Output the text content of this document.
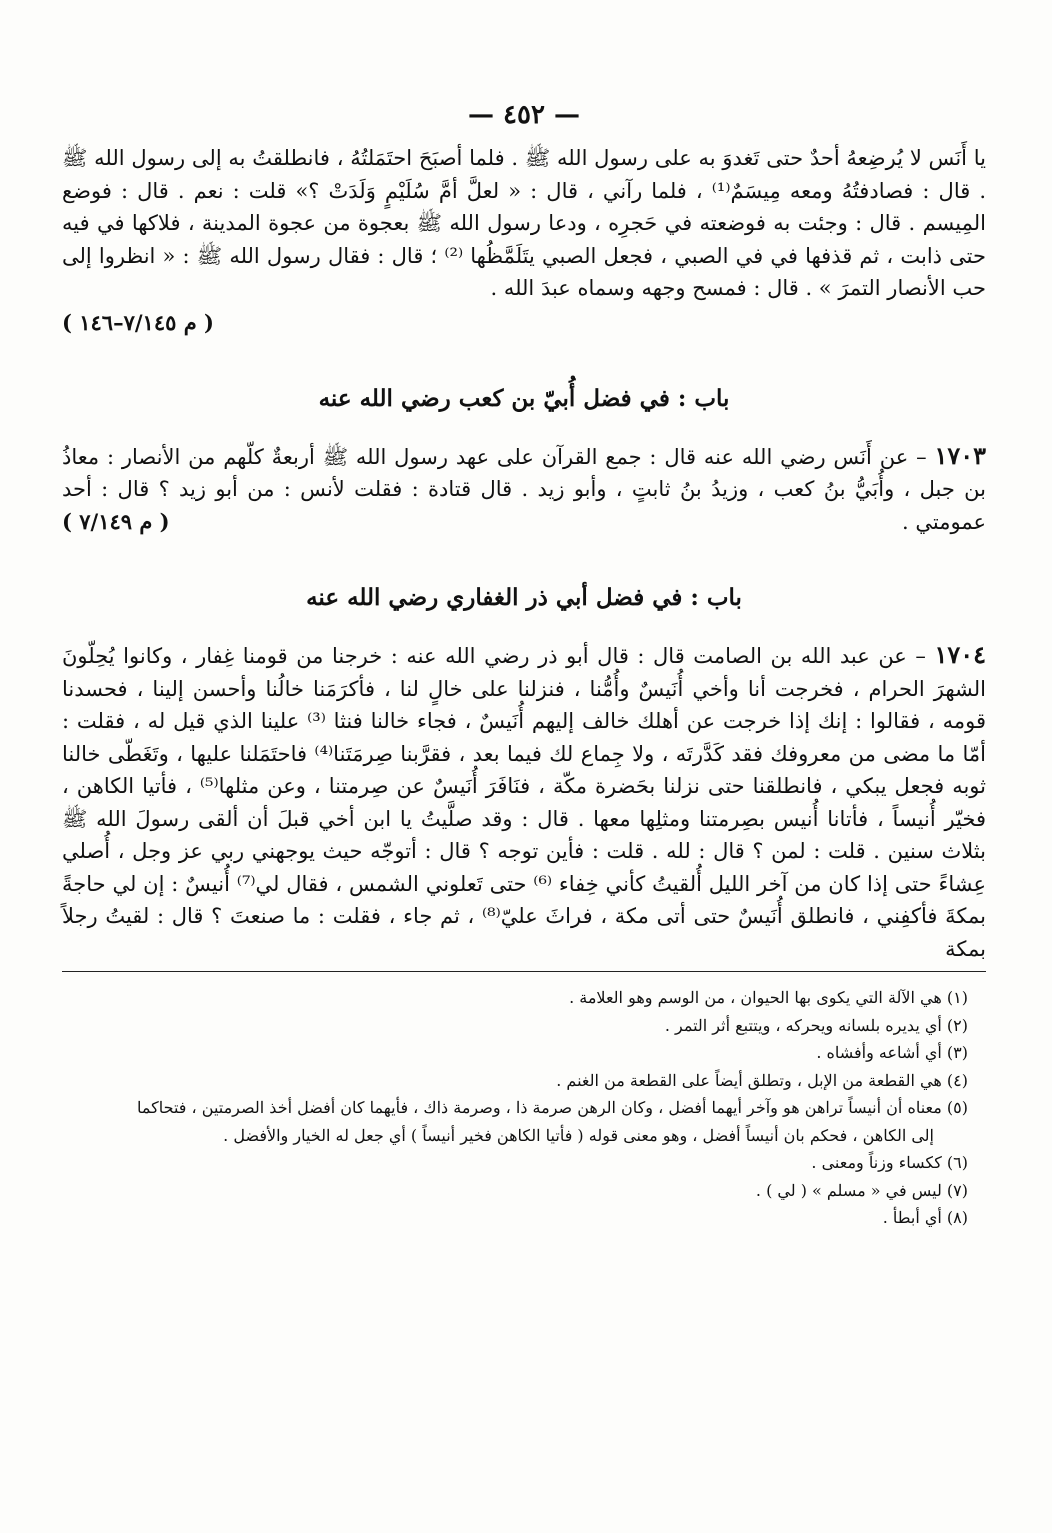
— ٤٥٢ —
يا أَنَس لا يُرضِعهُ أحدٌ حتى تَغدوَ به على رسول الله ﷺ . فلما أصبَحَ احتَمَلتُهُ ، فانطلقتُ به إلى رسول الله ﷺ . قال : فصادفتُهُ ومعه مِيسَمٌ⁽¹⁾ ، فلما رآني ، قال : « لعلَّ أمَّ سُلَيْمٍ وَلَدَتْ ؟» قلت : نعم . قال : فوضع المِيسم . قال : وجئت به فوضعته في حَجرِه ، ودعا رسول الله ﷺ بعجوة من عجوة المدينة ، فلاكها في فيه حتى ذابت ، ثم قذفها في في الصبي ، فجعل الصبي يتَلَمَّظُها ⁽²⁾ ؛ قال : فقال رسول الله ﷺ : « انظروا إلى حب الأنصار التمرَ » . قال : فمسح وجهه وسماه عبدَ الله .
( م ٧/١٤٥–١٤٦ )
باب : في فضل أُبيّ بن كعب رضي الله عنه
١٧٠٣ – عن أَنَس رضي الله عنه قال : جمع القرآن على عهد رسول الله ﷺ أربعةٌ كلّهم من الأنصار : معاذُ بن جبل ، وأُبَيُّ بنُ كعب ، وزيدُ بنُ ثابتٍ ، وأبو زيد . قال قتادة : فقلت لأنس : من أبو زيد ؟ قال : أحد عمومتي .
( م ٧/١٤٩ )
باب : في فضل أبي ذر الغفاري رضي الله عنه
١٧٠٤ – عن عبد الله بن الصامت قال : قال أبو ذر رضي الله عنه : خرجنا من قومنا غِفار ، وكانوا يُحِلّونَ الشهرَ الحرام ، فخرجت أنا وأخي أُنَيسٌ وأُمُّنا ، فنزلنا على خالٍ لنا ، فأكرَمَنا خالُنا وأحسن إلينا ، فحسدنا قومه ، فقالوا : إنك إذا خرجت عن أهلك خالف إليهم أُنَيسٌ ، فجاء خالنا فنثا ⁽³⁾ علينا الذي قيل له ، فقلت : أمّا ما مضى من معروفك فقد كَدَّرتَه ، ولا جِماع لك فيما بعد ، فقرَّبنا صِرمَتَنا⁽⁴⁾ فاحتَمَلنا عليها ، وتَغَطّى خالنا ثوبه فجعل يبكي ، فانطلقنا حتى نزلنا بحَضرة مكّة ، فنَافَرَ أُنَيسٌ عن صِرمتنا ، وعن مثلها⁽⁵⁾ ، فأتيا الكاهن ، فخيّر أُنيساً ، فأتانا أُنيس بصِرمتنا ومثلِها معها . قال : وقد صلَّيتُ يا ابن أخي قبلَ أن ألقى رسولَ الله ﷺ بثلاث سنين . قلت : لمن ؟ قال : لله . قلت : فأين توجه ؟ قال : أتوجّه حيث يوجهني ربي عز وجل ، أُصلي عِشاءً حتى إذا كان من آخر الليل أُلقيتُ كأني خِفاء ⁽⁶⁾ حتى تَعلوني الشمس ، فقال لي⁽⁷⁾ أُنيسٌ : إن لي حاجةً بمكةَ فأكفِني ، فانطلق أُنَيسٌ حتى أتى مكة ، فراثَ عليّ⁽⁸⁾ ، ثم جاء ، فقلت : ما صنعتَ ؟ قال : لقيتُ رجلاً بمكة
(١) هي الآلة التي يكوى بها الحيوان ، من الوسم وهو العلامة .
(٢) أي يديره بلسانه ويحركه ، ويتتبع أثر التمر .
(٣) أي أشاعه وأفشاه .
(٤) هي القطعة من الإبل ، وتطلق أيضاً على القطعة من الغنم .
(٥) معناه أن أنيساً تراهن هو وآخر أيهما أفضل ، وكان الرهن صرمة ذا ، وصرمة ذاك ، فأيهما كان أفضل أخذ الصرمتين ، فتحاكما
إلى الكاهن ، فحكم بان أنيساً أفضل ، وهو معنى قوله ( فأتيا الكاهن فخير أنيساً ) أي جعل له الخيار والأفضل .
(٦) ككساء وزناً ومعنى .
(٧) ليس في « مسلم » ( لي ) .
(٨) أي أبطأ .
